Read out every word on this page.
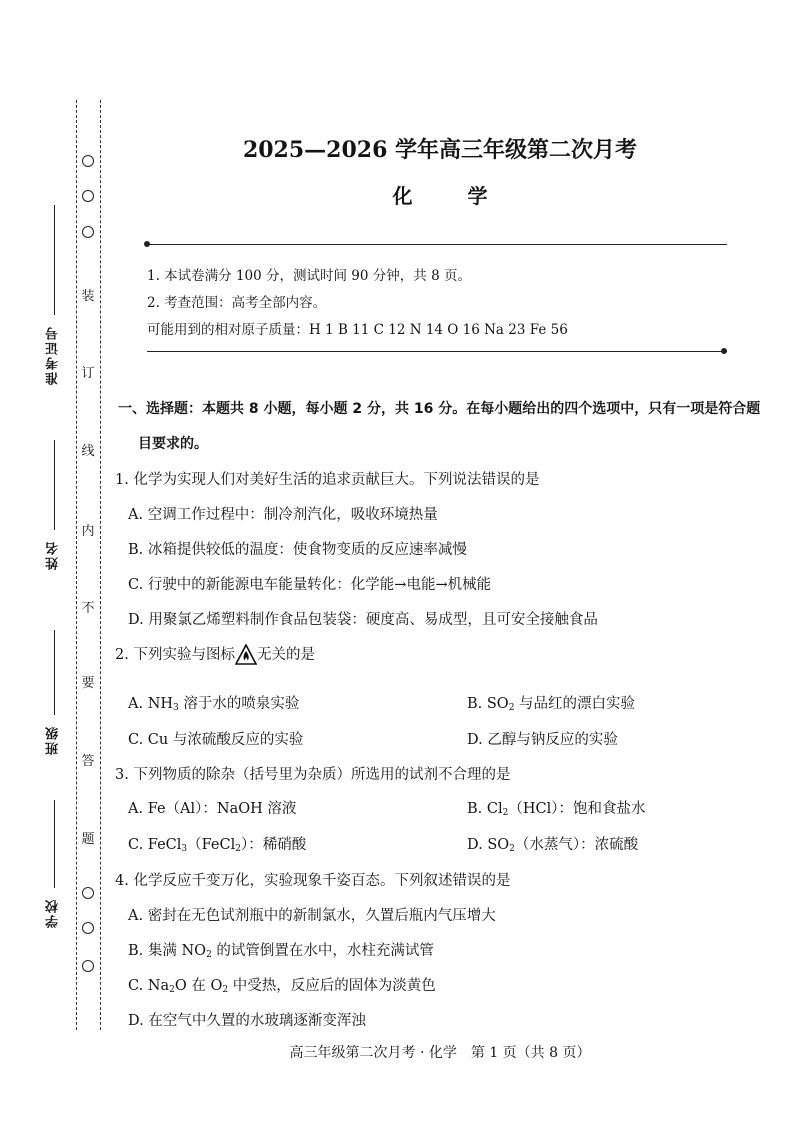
准考证号
姓名
班级
学校
装
订
线
内
不
要
答
题
2025—2026 学年高三年级第二次月考
化 学
1. 本试卷满分 100 分，测试时间 90 分钟，共 8 页。
2. 考查范围：高考全部内容。
可能用到的相对原子质量：H 1 B 11 C 12 N 14 O 16 Na 23 Fe 56
一、选择题：本题共 8 小题，每小题 2 分，共 16 分。在每小题给出的四个选项中，只有一项是符合题
目要求的。
1. 化学为实现人们对美好生活的追求贡献巨大。下列说法错误的是
A. 空调工作过程中：制冷剂汽化，吸收环境热量
B. 冰箱提供较低的温度：使食物变质的反应速率减慢
C. 行驶中的新能源电车能量转化：化学能→电能→机械能
D. 用聚氯乙烯塑料制作食品包装袋：硬度高、易成型，且可安全接触食品
2. 下列实验与图标 无关的是
A. $NH_3$ 溶于水的喷泉实验	B. $SO_2$ 与品红的漂白实验
C. Cu 与浓硫酸反应的实验	D. 乙醇与钠反应的实验
3. 下列物质的除杂（括号里为杂质）所选用的试剂不合理的是
A. Fe（Al）：NaOH 溶液	B. $Cl_2(HCl)$：饱和食盐水
C. FeCl$_3$（FeCl$_2$）：稀硝酸	D. $SO_2$（水蒸气）：浓硫酸
4. 化学反应千变万化，实验现象千姿百态。下列叙述错误的是
A. 密封在无色试剂瓶中的新制氯水，久置后瓶内气压增大
B. 集满 $NO_2$ 的试管倒置在水中，水柱充满试管
C. $Na_2O$ 在 $O_2$ 中受热，反应后的固体为淡黄色
D. 在空气中久置的水玻璃逐渐变浑浊
高三年级第二次月考 · 化学　第 1 页（共 8 页）
